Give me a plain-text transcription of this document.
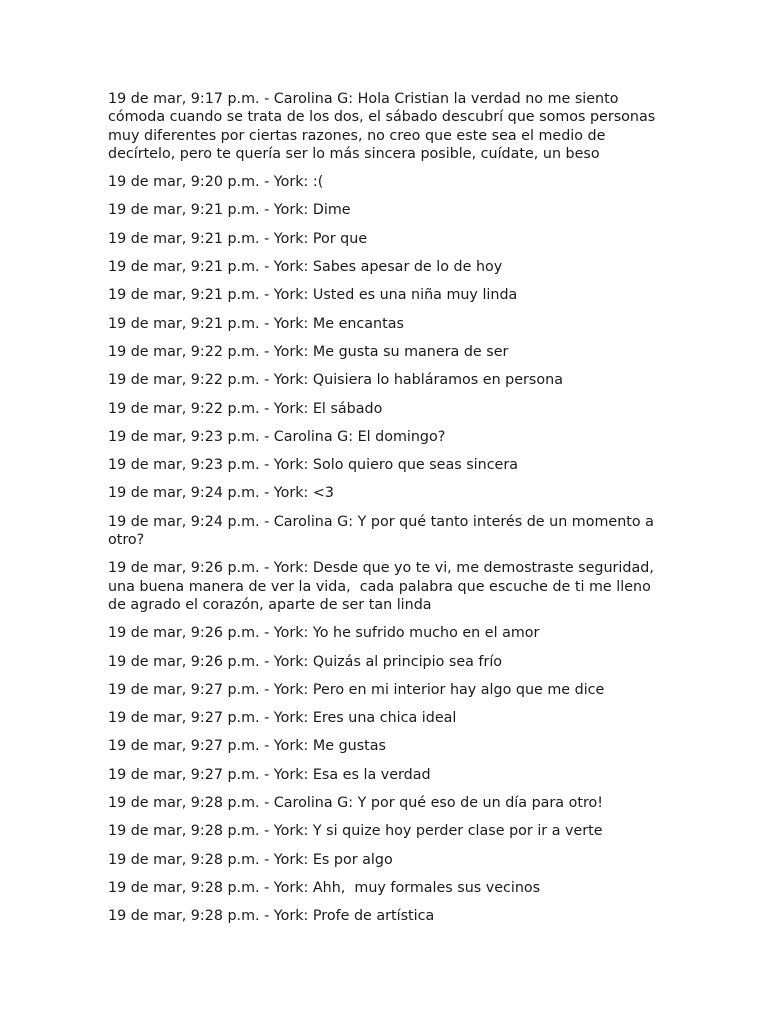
19 de mar, 9:17 p.m. - Carolina G: Hola Cristian la verdad no me siento cómoda cuando se trata de los dos, el sábado descubrí que somos personas muy diferentes por ciertas razones, no creo que este sea el medio de decírtelo, pero te quería ser lo más sincera posible, cuídate, un beso

19 de mar, 9:20 p.m. - York: :(

19 de mar, 9:21 p.m. - York: Dime

19 de mar, 9:21 p.m. - York: Por que

19 de mar, 9:21 p.m. - York: Sabes apesar de lo de hoy

19 de mar, 9:21 p.m. - York: Usted es una niña muy linda

19 de mar, 9:21 p.m. - York: Me encantas

19 de mar, 9:22 p.m. - York: Me gusta su manera de ser

19 de mar, 9:22 p.m. - York: Quisiera lo habláramos en persona

19 de mar, 9:22 p.m. - York: El sábado

19 de mar, 9:23 p.m. - Carolina G: El domingo?

19 de mar, 9:23 p.m. - York: Solo quiero que seas sincera

19 de mar, 9:24 p.m. - York: <3

19 de mar, 9:24 p.m. - Carolina G: Y por qué tanto interés de un momento a otro?

19 de mar, 9:26 p.m. - York: Desde que yo te vi, me demostraste seguridad, una buena manera de ver la vida,  cada palabra que escuche de ti me lleno de agrado el corazón, aparte de ser tan linda

19 de mar, 9:26 p.m. - York: Yo he sufrido mucho en el amor

19 de mar, 9:26 p.m. - York: Quizás al principio sea frío

19 de mar, 9:27 p.m. - York: Pero en mi interior hay algo que me dice

19 de mar, 9:27 p.m. - York: Eres una chica ideal

19 de mar, 9:27 p.m. - York: Me gustas

19 de mar, 9:27 p.m. - York: Esa es la verdad

19 de mar, 9:28 p.m. - Carolina G: Y por qué eso de un día para otro!

19 de mar, 9:28 p.m. - York: Y si quize hoy perder clase por ir a verte

19 de mar, 9:28 p.m. - York: Es por algo

19 de mar, 9:28 p.m. - York: Ahh,  muy formales sus vecinos

19 de mar, 9:28 p.m. - York: Profe de artística
